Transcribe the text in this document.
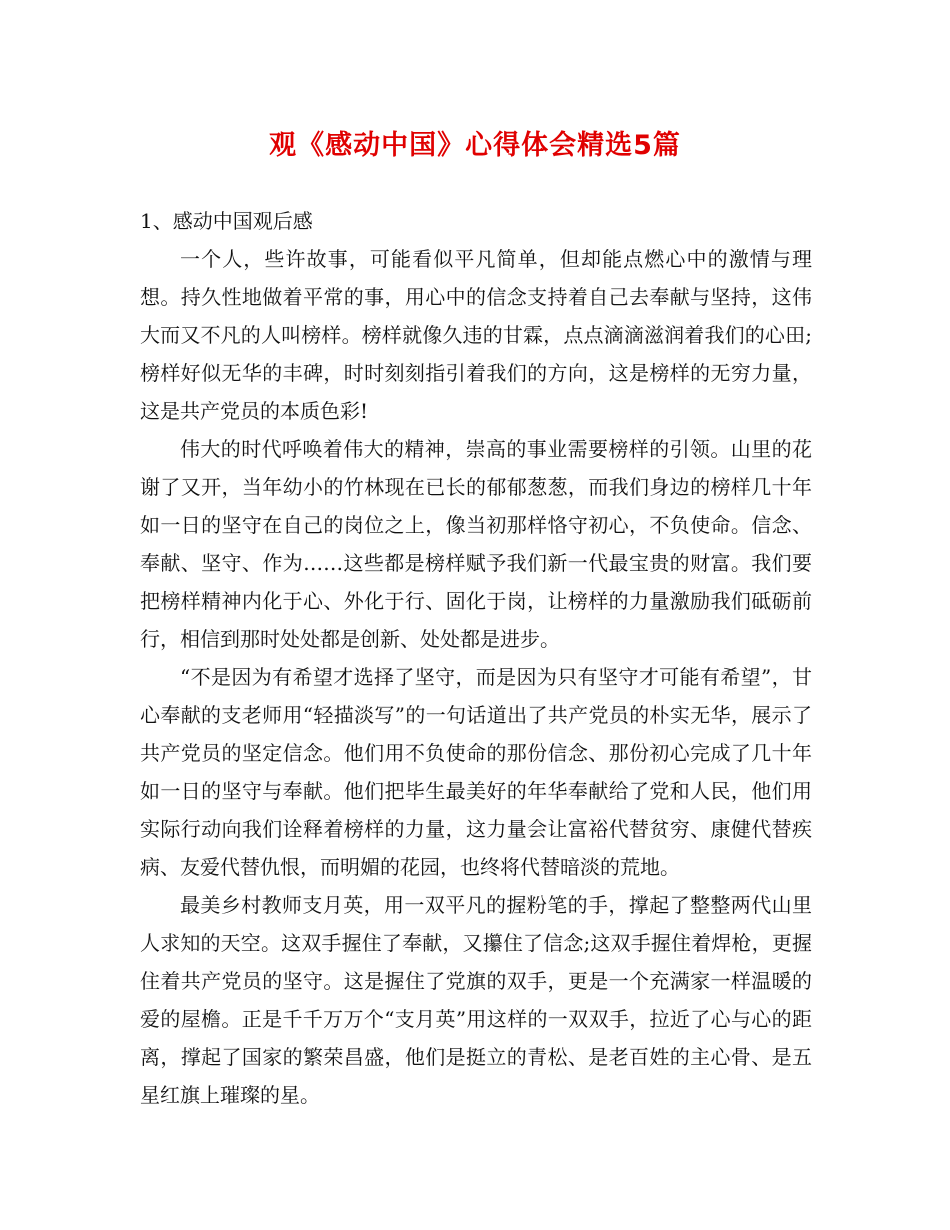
观《感动中国》心得体会精选5篇

1、感动中国观后感

一个人，些许故事，可能看似平凡简单，但却能点燃心中的激情与理想。持久性地做着平常的事，用心中的信念支持着自己去奉献与坚持，这伟大而又不凡的人叫榜样。榜样就像久违的甘霖，点点滴滴滋润着我们的心田;榜样好似无华的丰碑，时时刻刻指引着我们的方向，这是榜样的无穷力量，这是共产党员的本质色彩!

伟大的时代呼唤着伟大的精神，崇高的事业需要榜样的引领。山里的花谢了又开，当年幼小的竹林现在已长的郁郁葱葱，而我们身边的榜样几十年如一日的坚守在自己的岗位之上，像当初那样恪守初心，不负使命。信念、奉献、坚守、作为……这些都是榜样赋予我们新一代最宝贵的财富。我们要把榜样精神内化于心、外化于行、固化于岗，让榜样的力量激励我们砥砺前行，相信到那时处处都是创新、处处都是进步。

“不是因为有希望才选择了坚守，而是因为只有坚守才可能有希望”，甘心奉献的支老师用“轻描淡写”的一句话道出了共产党员的朴实无华，展示了共产党员的坚定信念。他们用不负使命的那份信念、那份初心完成了几十年如一日的坚守与奉献。他们把毕生最美好的年华奉献给了党和人民，他们用实际行动向我们诠释着榜样的力量，这力量会让富裕代替贫穷、康健代替疾病、友爱代替仇恨，而明媚的花园，也终将代替暗淡的荒地。

最美乡村教师支月英，用一双平凡的握粉笔的手，撑起了整整两代山里人求知的天空。这双手握住了奉献，又攥住了信念;这双手握住着焊枪，更握住着共产党员的坚守。这是握住了党旗的双手，更是一个充满家一样温暖的爱的屋檐。正是千千万万个“支月英”用这样的一双双手，拉近了心与心的距离，撑起了国家的繁荣昌盛，他们是挺立的青松、是老百姓的主心骨、是五星红旗上璀璨的星。
